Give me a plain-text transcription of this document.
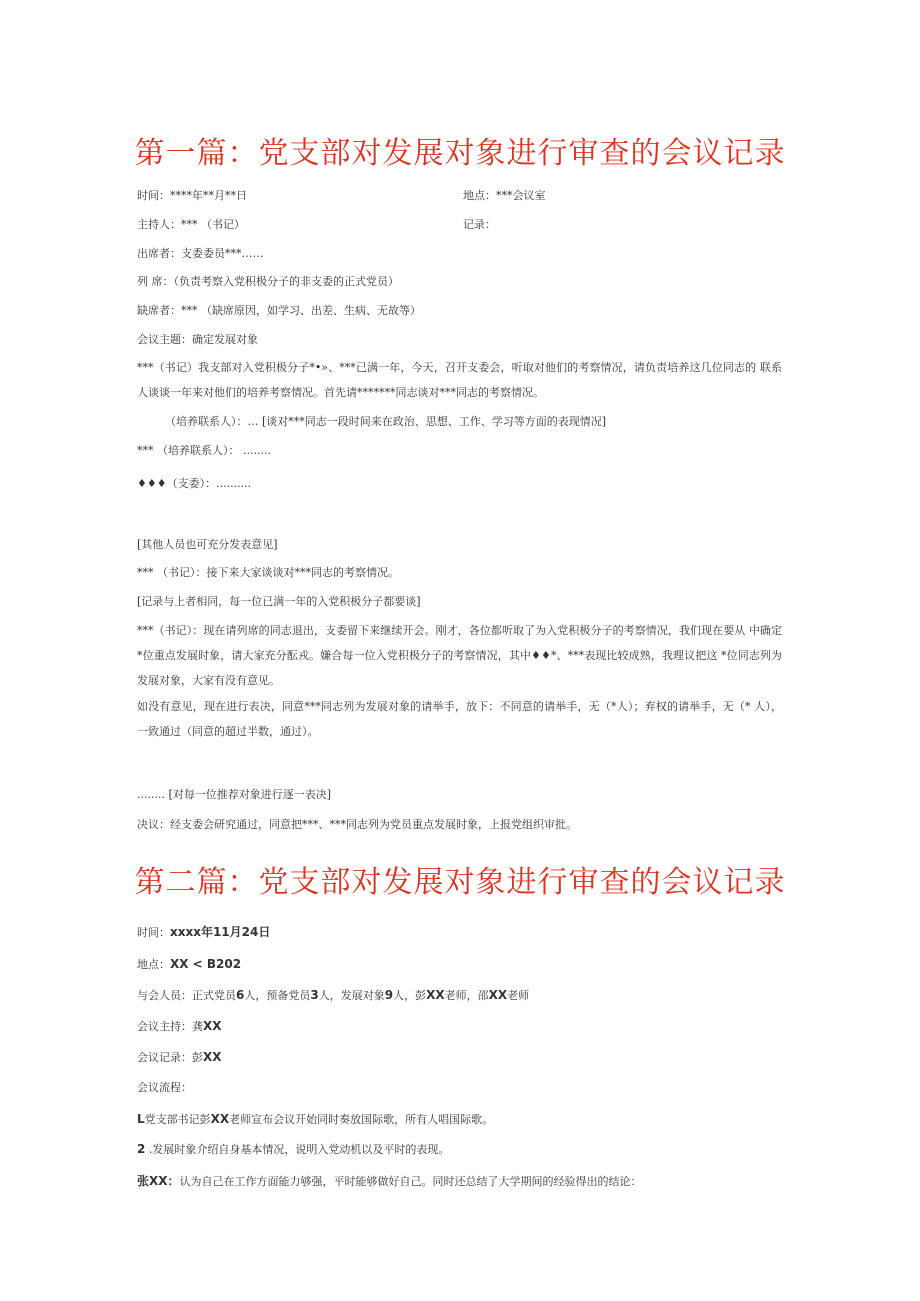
第一篇：党支部对发展对象进行审查的会议记录
时间：****年**月**日	地点：***会议室
主持人：*** （书记）	记录：
出席者：支委委员***……
列 席：（负责考察入党积极分子的非支委的正式党员）
缺席者：*** （缺席原因，如学习、出差、生病、无故等）
会议主题：确定发展对象
***（书记）我支部对入党积极分子*•»、***已满一年，今天，召开支委会，听取对他们的考察情况，请负责培养这几位同志的 联系人谈谈一年来对他们的培养考察情况。首先请*******同志谈对***同志的考察情况。
（培养联系人）：… [谈对***同志一段时间来在政治、思想、工作、学习等方面的表现情况]
*** （培养联系人）： ........
♦♦♦（支委）：..........
[其他人员也可充分发表意见]
*** （书记）：接下来大家谈谈对***同志的考察情况。
[记录与上者相同，每一位已满一年的入党积极分子都要谈]
***（书记）：现在请列席的同志退出，支委留下来继续开会。刚才，各位都听取了为入党积极分子的考察情况，我们现在要从 中确定*位重点发展时象，请大家充分酝戎。嫌合每一位入党积极分子的考察情况，其中♦♦*、***表现比较成熟，我理议把这 *位同志列为发展对象，大家有没有意见。
如没有意见，现在进行表决，同意***同志列为发展对象的请举手，放下：不同意的请举手，无（*人）；弃权的请举手，无（* 人），一致通过（同意的超过半数，通过）。
........ [对每一位推荐对象进行逐一表决]
决议：经支委会研究通过，同意把***、***同志列为党员重点发展时象，上报党组织审批。
第二篇：党支部对发展对象进行审查的会议记录
时间：xxxx年11月24日
地点：XX < B202
与会人员：正式党员6人，预备党员3人，发展对象9人，彭XX老师，邵XX老师
会议主持：龚XX
会议记录：彭XX
会议流程：
L党支部书记彭XX老师宣布会议开始同时奏放国际歌，所有人唱国际歌。
2 .发展时象介绍自身基本情况，说明入党动机以及平时的表现。
张XX：认为自己在工作方面能力够强，平时能够做好自己。同时还总结了大学期间的经验得出的结论：
